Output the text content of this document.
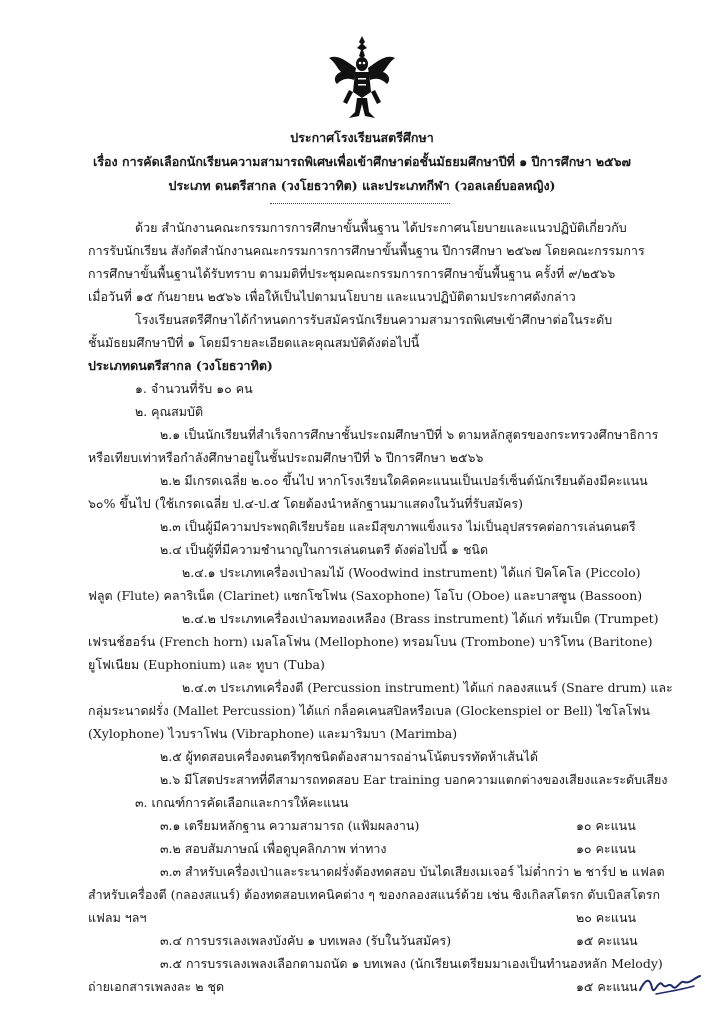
ประกาศโรงเรียนสตรีศึกษา
เรื่อง การคัดเลือกนักเรียนความสามารถพิเศษเพื่อเข้าศึกษาต่อชั้นมัธยมศึกษาปีที่ ๑ ปีการศึกษา ๒๕๖๗
ประเภท ดนตรีสากล (วงโยธวาทิต) และประเภทกีฬา (วอลเลย์บอลหญิง)
ด้วย สำนักงานคณะกรรมการการศึกษาขั้นพื้นฐาน ได้ประกาศนโยบายและแนวปฏิบัติเกี่ยวกับ
การรับนักเรียน สังกัดสำนักงานคณะกรรมการการศึกษาขั้นพื้นฐาน ปีการศึกษา ๒๕๖๗ โดยคณะกรรมการ
การศึกษาขั้นพื้นฐานได้รับทราบ ตามมติที่ประชุมคณะกรรมการการศึกษาขั้นพื้นฐาน ครั้งที่ ๙/๒๕๖๖
เมื่อวันที่ ๑๕ กันยายน ๒๕๖๖ เพื่อให้เป็นไปตามนโยบาย และแนวปฏิบัติตามประกาศดังกล่าว
โรงเรียนสตรีศึกษาได้กำหนดการรับสมัครนักเรียนความสามารถพิเศษเข้าศึกษาต่อในระดับ
ชั้นมัธยมศึกษาปีที่ ๑ โดยมีรายละเอียดและคุณสมบัติดังต่อไปนี้
ประเภทดนตรีสากล (วงโยธวาทิต)
๑. จำนวนที่รับ ๑๐ คน
๒. คุณสมบัติ
๒.๑ เป็นนักเรียนที่สำเร็จการศึกษาชั้นประถมศึกษาปีที่ ๖ ตามหลักสูตรของกระทรวงศึกษาธิการ
หรือเทียบเท่าหรือกำลังศึกษาอยู่ในชั้นประถมศึกษาปีที่ ๖ ปีการศึกษา ๒๕๖๖
๒.๒ มีเกรดเฉลี่ย ๒.๐๐ ขึ้นไป หากโรงเรียนใดคิดคะแนนเป็นเปอร์เซ็นต์นักเรียนต้องมีคะแนน
๖๐% ขึ้นไป (ใช้เกรดเฉลี่ย ป.๔-ป.๕ โดยต้องนำหลักฐานมาแสดงในวันที่รับสมัคร)
๒.๓ เป็นผู้มีความประพฤติเรียบร้อย และมีสุขภาพแข็งแรง ไม่เป็นอุปสรรคต่อการเล่นดนตรี
๒.๔ เป็นผู้ที่มีความชำนาญในการเล่นดนตรี ดังต่อไปนี้ ๑ ชนิด
๒.๔.๑ ประเภทเครื่องเป่าลมไม้ (Woodwind instrument) ได้แก่ ปิคโคโล (Piccolo)
ฟลูต (Flute) คลาริเน็ต (Clarinet) แซกโซโฟน (Saxophone) โอโบ (Oboe) และบาสซูน (Bassoon)
๒.๔.๒ ประเภทเครื่องเป่าลมทองเหลือง (Brass instrument) ได้แก่ ทรัมเป็ต (Trumpet)
เฟรนช์ฮอร์น (French horn) เมลโลโฟน (Mellophone) ทรอมโบน (Trombone) บาริโทน (Baritone)
ยูโฟเนียม (Euphonium) และ ทูบา (Tuba)
๒.๔.๓ ประเภทเครื่องตี (Percussion instrument) ได้แก่ กลองสแนร์ (Snare drum) และ
กลุ่มระนาดฝรั่ง (Mallet Percussion) ได้แก่ กล็อคเคนสปิลหรือเบล (Glockenspiel or Bell) ไซโลโฟน
(Xylophone) ไวบราโฟน (Vibraphone) และมาริมบา (Marimba)
๒.๕ ผู้ทดสอบเครื่องดนตรีทุกชนิดต้องสามารถอ่านโน้ตบรรทัดห้าเส้นได้
๒.๖ มีโสตประสาทที่ดีสามารถทดสอบ Ear training บอกความแตกต่างของเสียงและระดับเสียง
๓. เกณฑ์การคัดเลือกและการให้คะแนน
๓.๑ เตรียมหลักฐาน ความสามารถ (แฟ้มผลงาน)	๑๐ คะแนน
๓.๒ สอบสัมภาษณ์ เพื่อดูบุคลิกภาพ ท่าทาง	๑๐ คะแนน
๓.๓ สำหรับเครื่องเป่าและระนาดฝรั่งต้องทดสอบ บันไดเสียงเมเจอร์ ไม่ต่ำกว่า ๒ ชาร์ป ๒ แฟลต
สำหรับเครื่องตี (กลองสแนร์) ต้องทดสอบเทคนิคต่าง ๆ ของกลองสแนร์ด้วย เช่น ซิงเกิลสโตรก ดับเบิลสโตรก
แฟลม ฯลฯ	๒๐ คะแนน
๓.๔ การบรรเลงเพลงบังคับ ๑ บทเพลง (รับในวันสมัคร)	๑๕ คะแนน
๓.๕ การบรรเลงเพลงเลือกตามถนัด ๑ บทเพลง (นักเรียนเตรียมมาเองเป็นทำนองหลัก Melody)
ถ่ายเอกสารเพลงละ ๒ ชุด	๑๕ คะแนน
